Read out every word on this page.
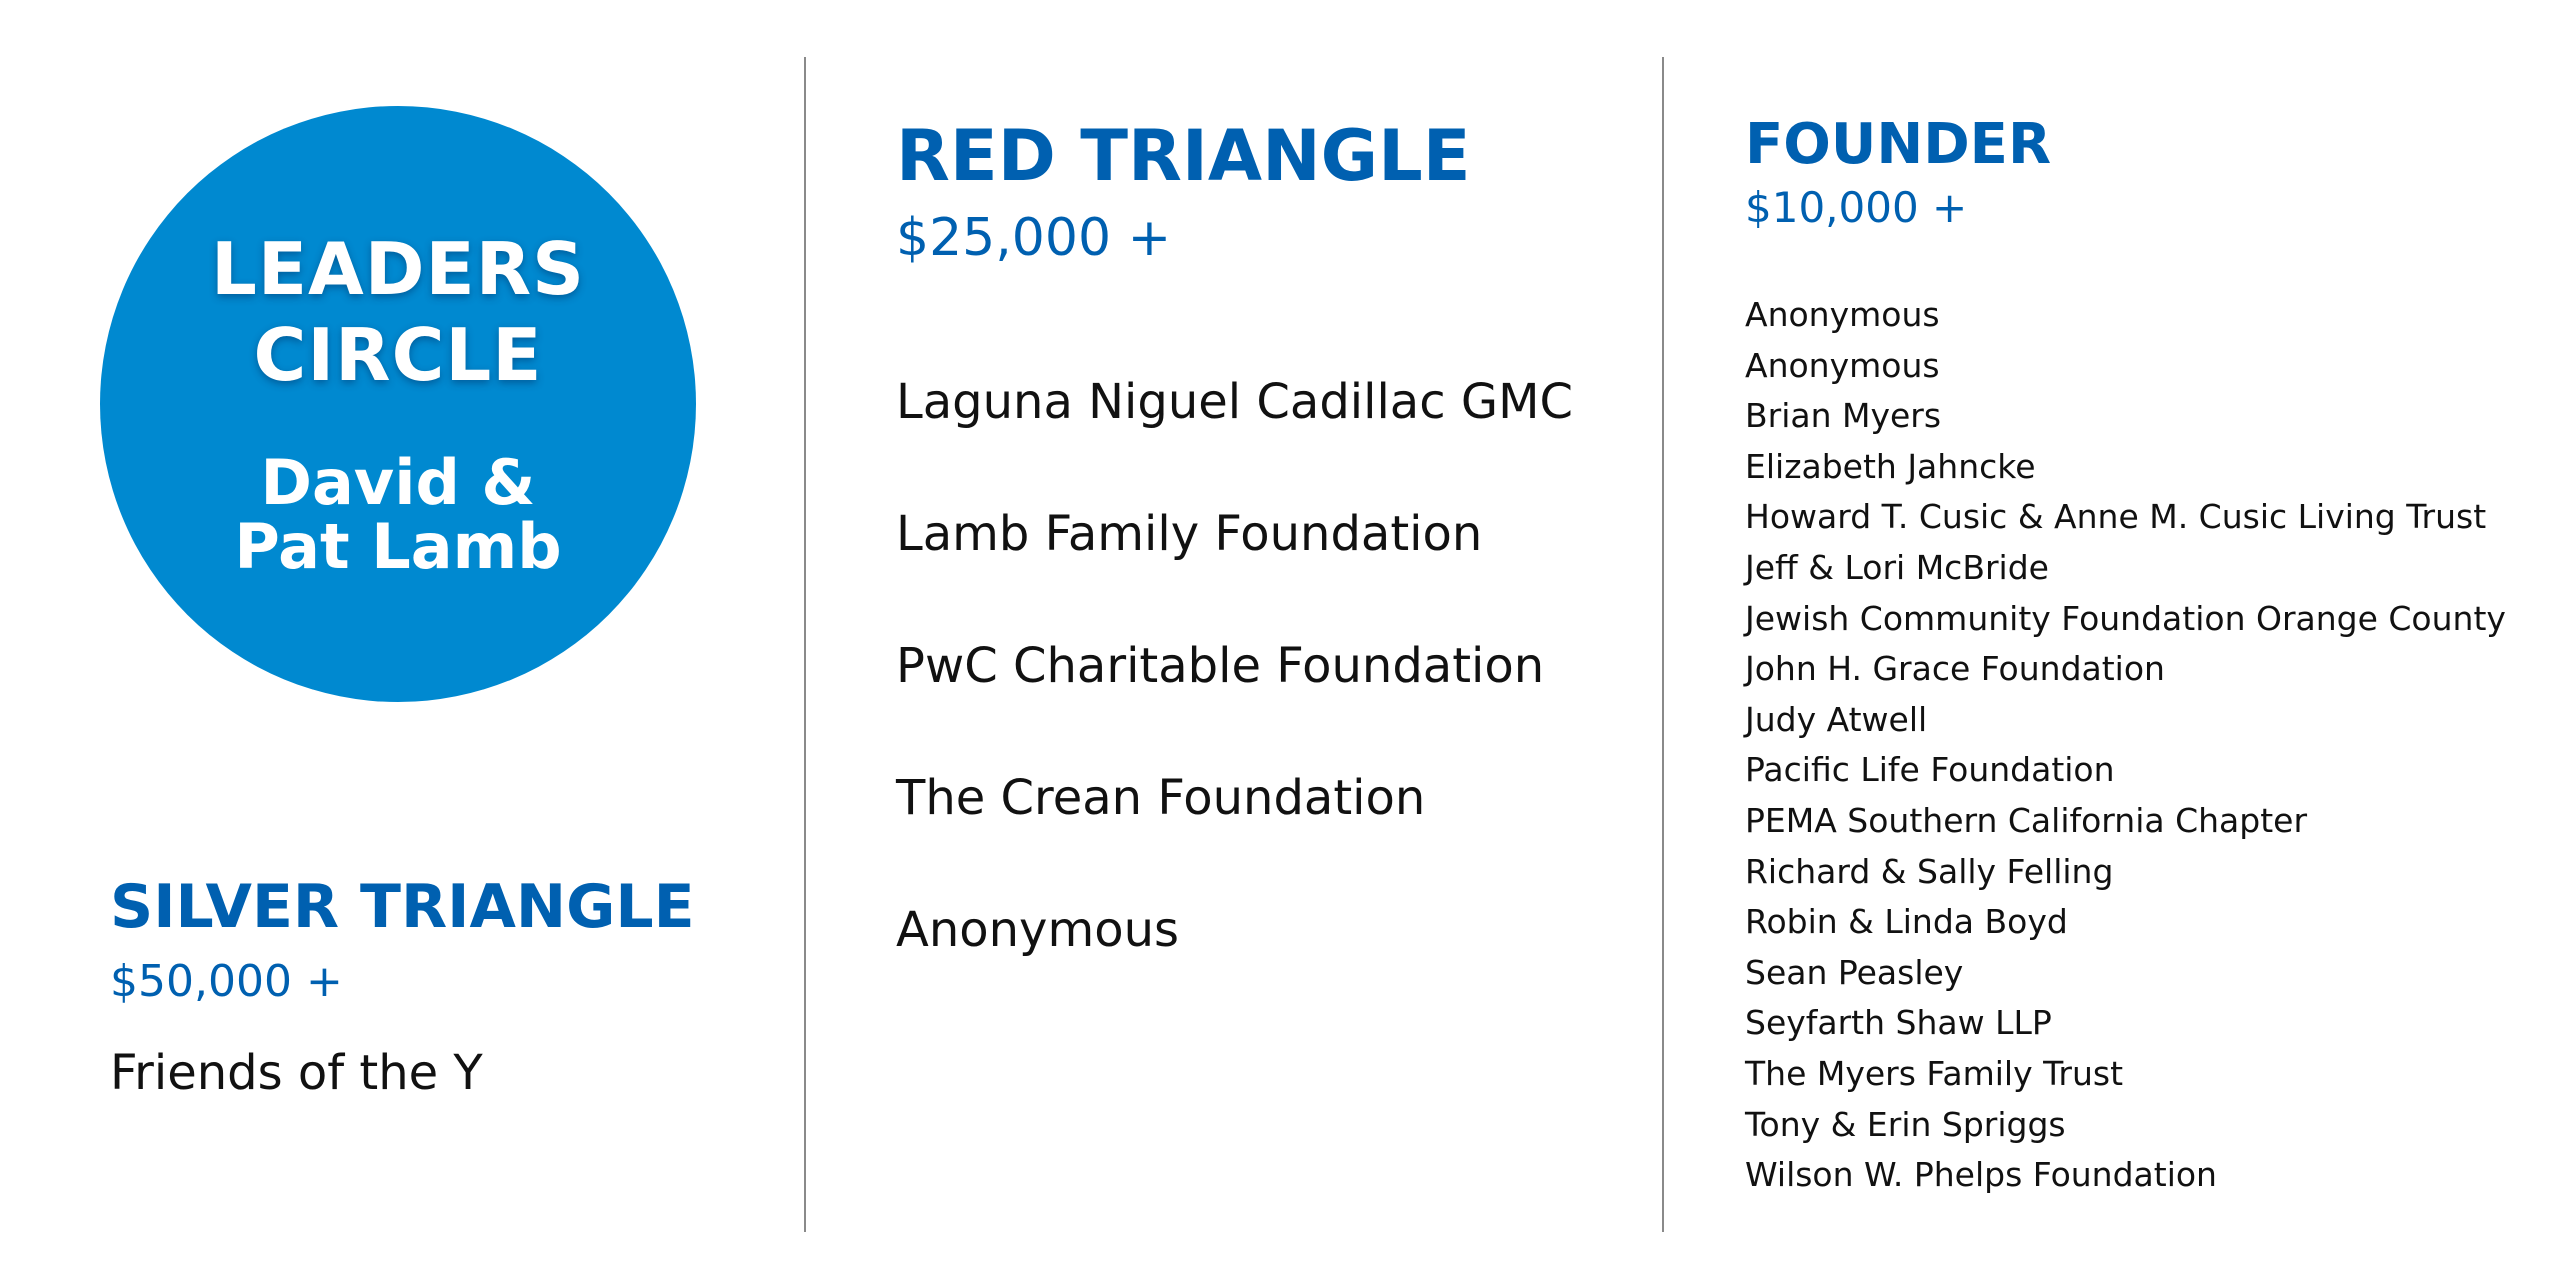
LEADERS
CIRCLE
David &
Pat Lamb
SILVER TRIANGLE
$50,000 +
Friends of the Y
RED TRIANGLE
$25,000 +
Laguna Niguel Cadillac GMC
Lamb Family Foundation
PwC Charitable Foundation
The Crean Foundation
Anonymous
FOUNDER
$10,000 +
Anonymous
Anonymous
Brian Myers
Elizabeth Jahncke
Howard T. Cusic & Anne M. Cusic Living Trust
Jeff & Lori McBride
Jewish Community Foundation Orange County
John H. Grace Foundation
Judy Atwell
Pacific Life Foundation
PEMA Southern California Chapter
Richard & Sally Felling
Robin & Linda Boyd
Sean Peasley
Seyfarth Shaw LLP
The Myers Family Trust
Tony & Erin Spriggs
Wilson W. Phelps Foundation
